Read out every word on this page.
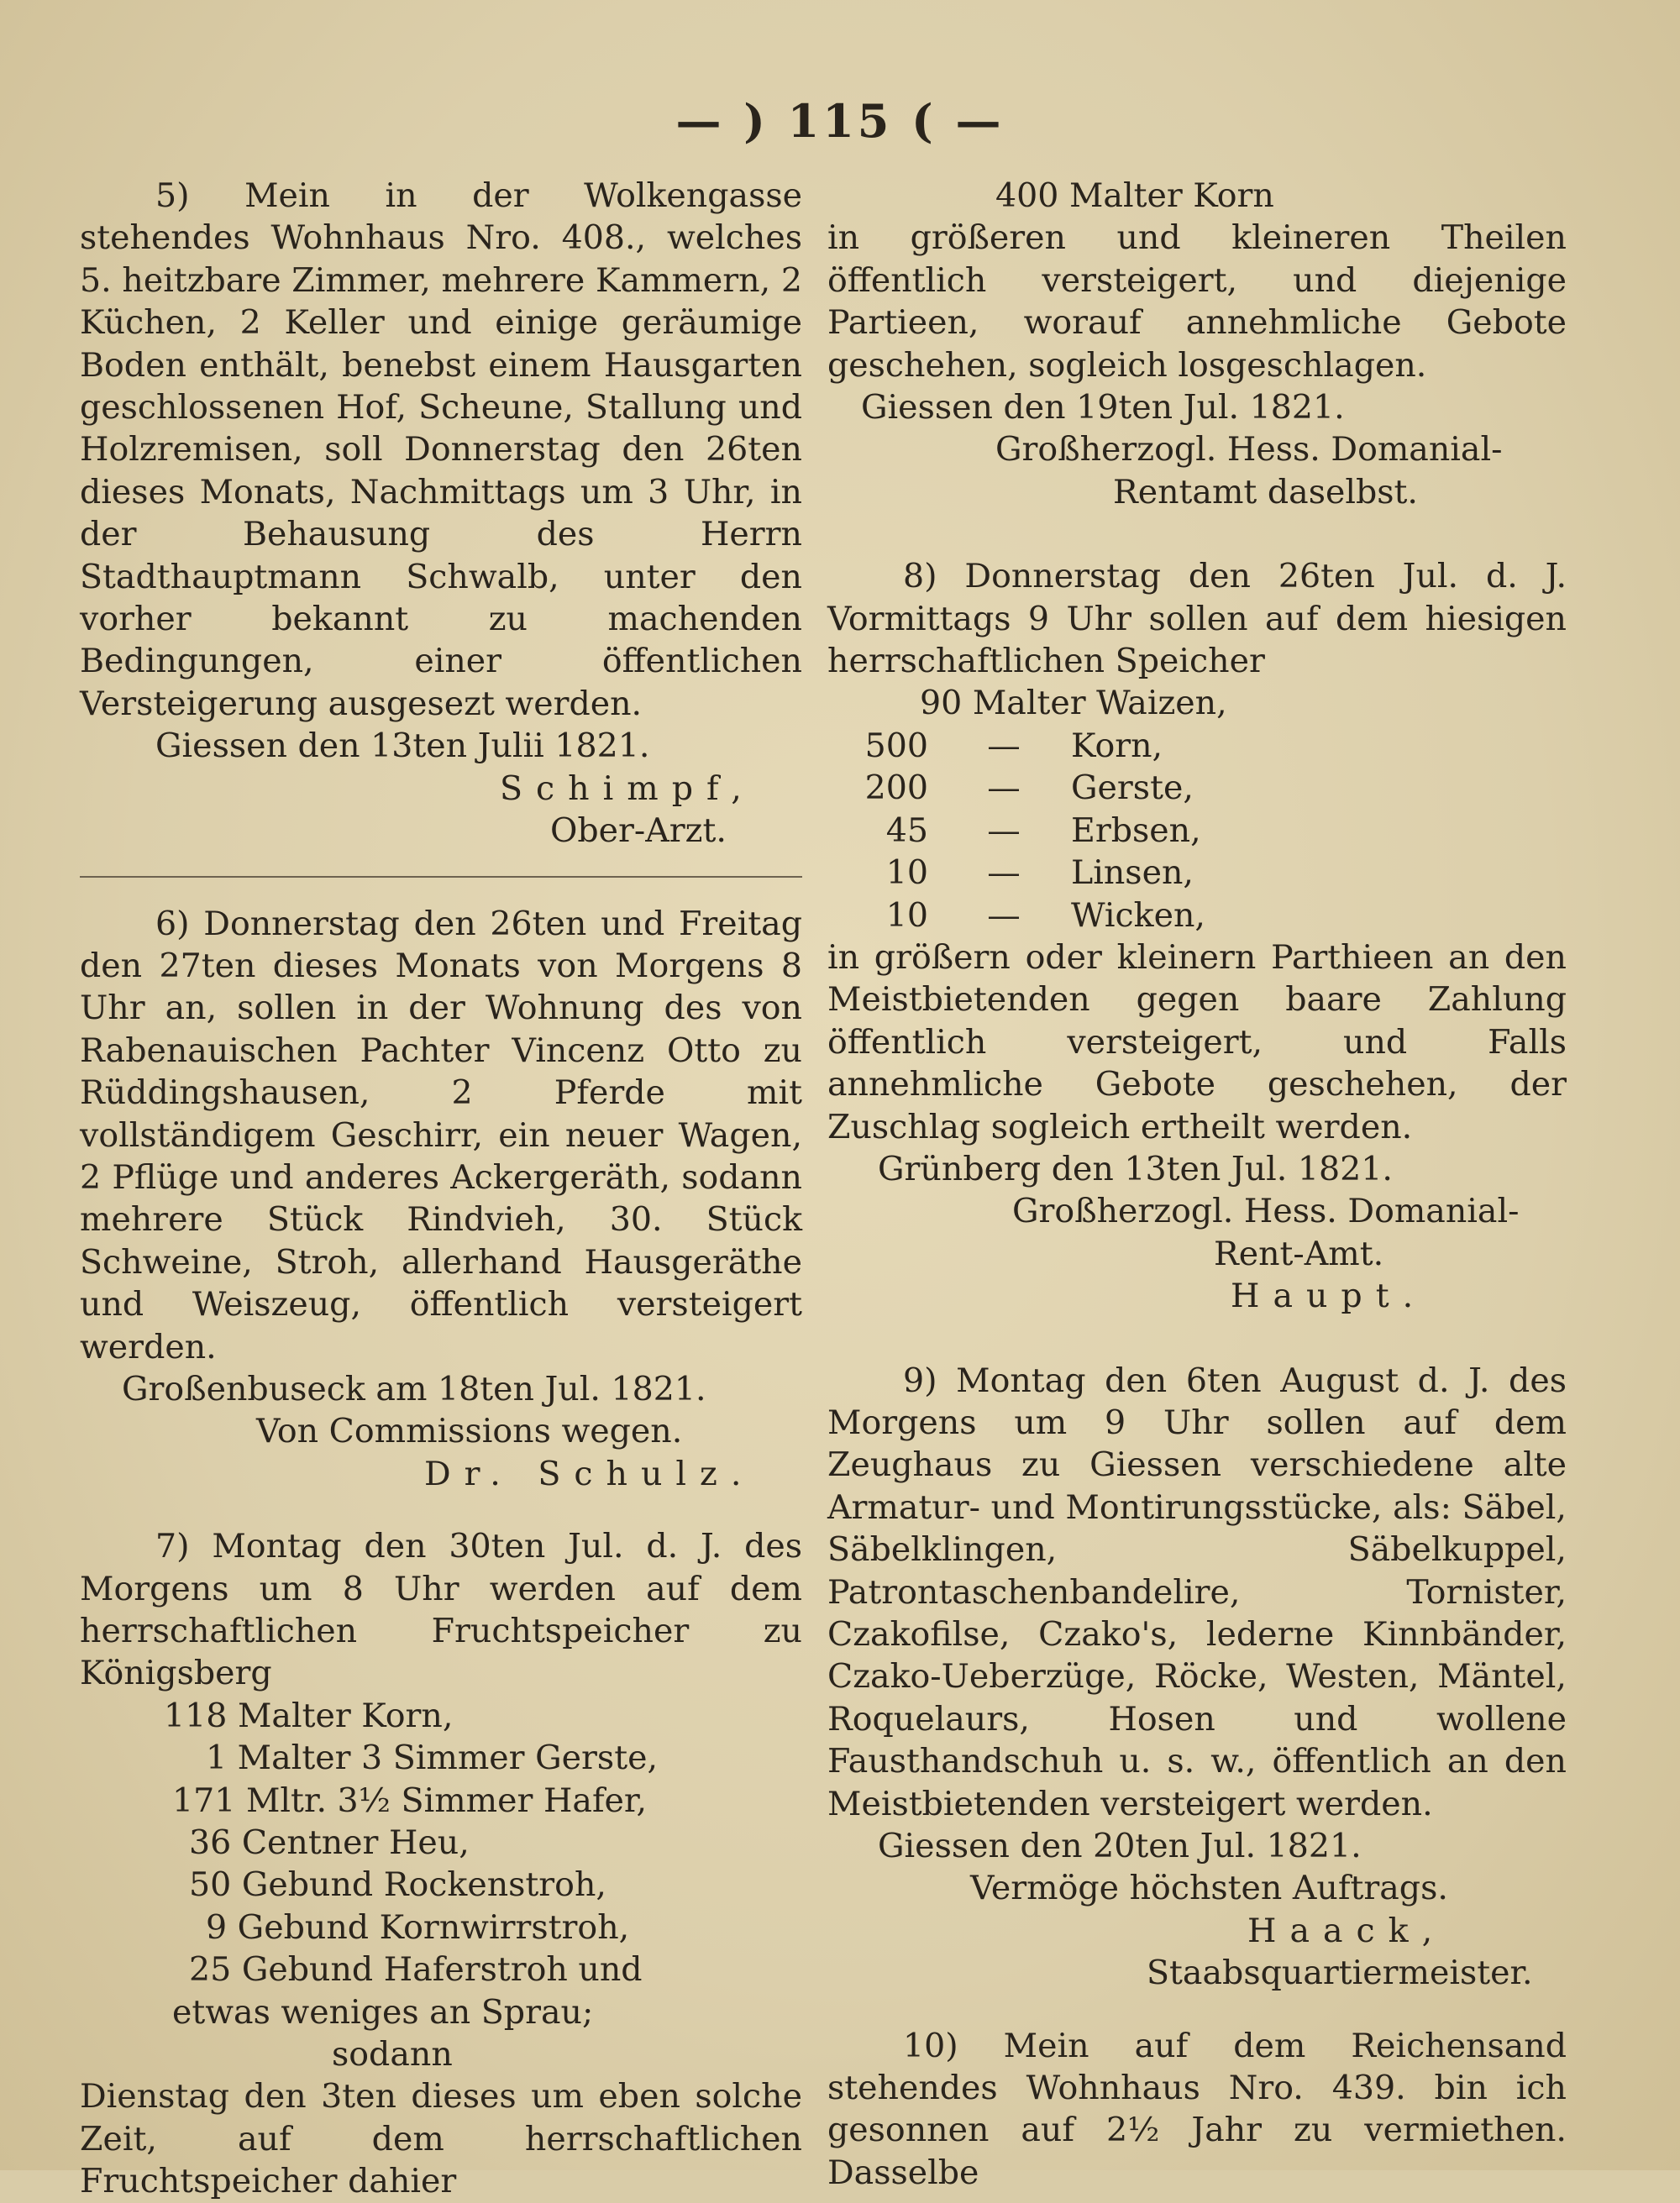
— ) 115 ( —

5) Mein in der Wolkengasse stehendes Wohnhaus Nro. 408., welches 5. heitzbare Zimmer, mehrere Kammern, 2 Küchen, 2 Keller und einige geräumige Boden enthält, benebst einem Hausgarten geschlossenen Hof, Scheune, Stallung und Holzremisen, soll Donnerstag den 26ten dieses Monats, Nachmittags um 3 Uhr, in der Behausung des Herrn Stadthauptmann Schwalb, unter den vorher bekannt zu machenden Bedingungen, einer öffentlichen Versteigerung ausgesezt werden.

Giessen den 13ten Julii 1821.

Schimpf,

Ober-Arzt.

6) Donnerstag den 26ten und Freitag den 27ten dieses Monats von Morgens 8 Uhr an, sollen in der Wohnung des von Rabenauischen Pachter Vincenz Otto zu Rüddingshausen, 2 Pferde mit vollständigem Geschirr, ein neuer Wagen, 2 Pflüge und anderes Ackergeräth, sodann mehrere Stück Rindvieh, 30. Stück Schweine, Stroh, allerhand Hausgeräthe und Weiszeug, öffentlich versteigert werden.

Großenbuseck am 18ten Jul. 1821.

Von Commissions wegen.

Dr. Schulz.

7) Montag den 30ten Jul. d. J. des Morgens um 8 Uhr werden auf dem herrschaftlichen Fruchtspeicher zu Königsberg

118 Malter Korn,

1 Malter 3 Simmer Gerste,

171 Mltr. 3½ Simmer Hafer,

36 Centner Heu,

50 Gebund Rockenstroh,

9 Gebund Kornwirrstroh,

25 Gebund Haferstroh und

etwas weniges an Sprau;

sodann

Dienstag den 3ten dieses um eben solche Zeit, auf dem herrschaftlichen Fruchtspeicher dahier

400 Malter Korn

in größeren und kleineren Theilen öffentlich versteigert, und diejenige Partieen, worauf annehmliche Gebote geschehen, sogleich losgeschlagen.

Giessen den 19ten Jul. 1821.

Großherzogl. Hess. Domanial-

Rentamt daselbst.

8) Donnerstag den 26ten Jul. d. J. Vormittags 9 Uhr sollen auf dem hiesigen herrschaftlichen Speicher

90 Malter Waizen,

500	—	Korn,
200	—	Gerste,
45	—	Erbsen,
10	—	Linsen,
10	—	Wicken,

in größern oder kleinern Parthieen an den Meistbietenden gegen baare Zahlung öffentlich versteigert, und Falls annehmliche Gebote geschehen, der Zuschlag sogleich ertheilt werden.

Grünberg den 13ten Jul. 1821.

Großherzogl. Hess. Domanial-

Rent-Amt.

Haupt.

9) Montag den 6ten August d. J. des Morgens um 9 Uhr sollen auf dem Zeughaus zu Giessen verschiedene alte Armatur- und Montirungsstücke, als: Säbel, Säbelklingen, Säbelkuppel, Patrontaschenbandelire, Tornister, Czakofilse, Czako's, lederne Kinnbänder, Czako-Ueberzüge, Röcke, Westen, Mäntel, Roquelaurs, Hosen und wollene Fausthandschuh u. s. w., öffentlich an den Meistbietenden versteigert werden.

Giessen den 20ten Jul. 1821.

Vermöge höchsten Auftrags.

Haack,

Staabsquartiermeister.

10) Mein auf dem Reichensand stehendes Wohnhaus Nro. 439. bin ich gesonnen auf 2½ Jahr zu vermiethen. Dasselbe
